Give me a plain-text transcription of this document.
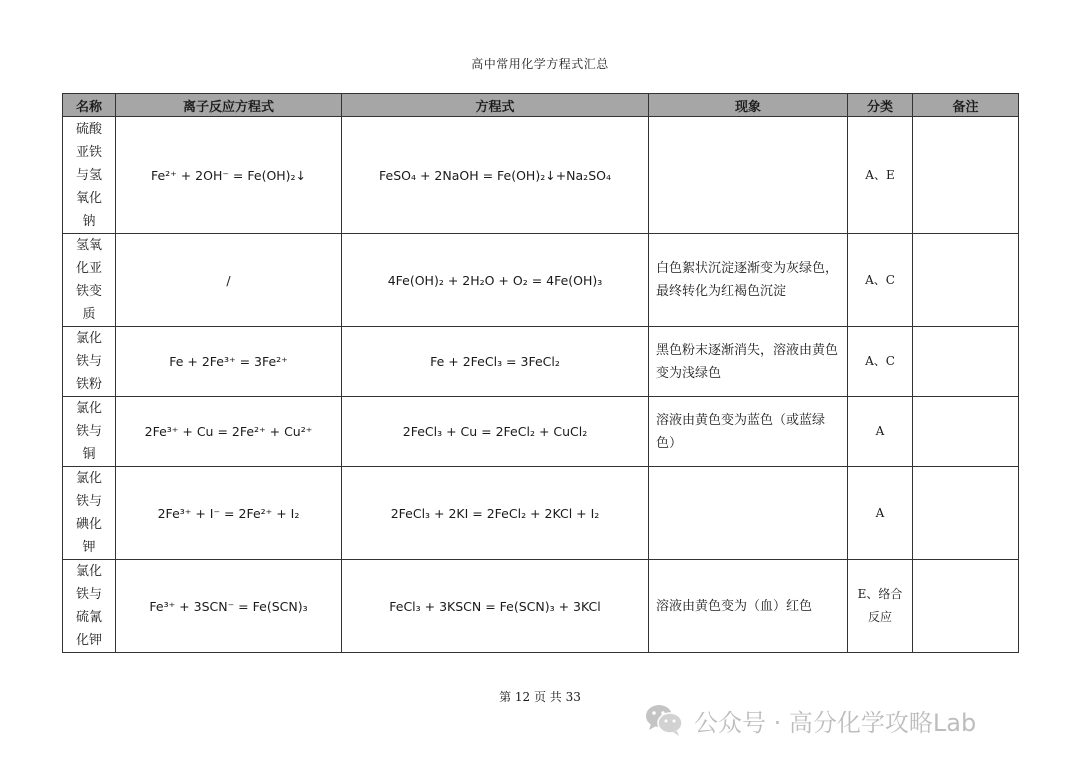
高中常用化学方程式汇总
名称	离子反应方程式	方程式	现象	分类	备注

硫酸
亚铁
与氢
氧化
钠	Fe²⁺ + 2OH⁻ = Fe(OH)₂↓	FeSO₄ + 2NaOH = Fe(OH)₂↓+Na₂SO₄		A、E	

氢氧
化亚
铁变
质	/	4Fe(OH)₂ + 2H₂O + O₂ = 4Fe(OH)₃	白色絮状沉淀逐渐变为灰绿色，最终转化为红褐色沉淀	A、C	

氯化
铁与
铁粉	Fe + 2Fe³⁺ = 3Fe²⁺	Fe + 2FeCl₃ = 3FeCl₂	黑色粉末逐渐消失，溶液由黄色变为浅绿色	A、C	

氯化
铁与
铜	2Fe³⁺ + Cu = 2Fe²⁺ + Cu²⁺	2FeCl₃ + Cu = 2FeCl₂ + CuCl₂	溶液由黄色变为蓝色（或蓝绿色）	A	

氯化
铁与
碘化
钾	2Fe³⁺ + I⁻ = 2Fe²⁺ + I₂	2FeCl₃ + 2KI = 2FeCl₂ + 2KCl + I₂		A	

氯化
铁与
硫氰
化钾	Fe³⁺ + 3SCN⁻ = Fe(SCN)₃	FeCl₃ + 3KSCN = Fe(SCN)₃ + 3KCl	溶液由黄色变为（血）红色	E、络合反应	
第 12 页 共 33
公众号 · 高分化学攻略Lab
